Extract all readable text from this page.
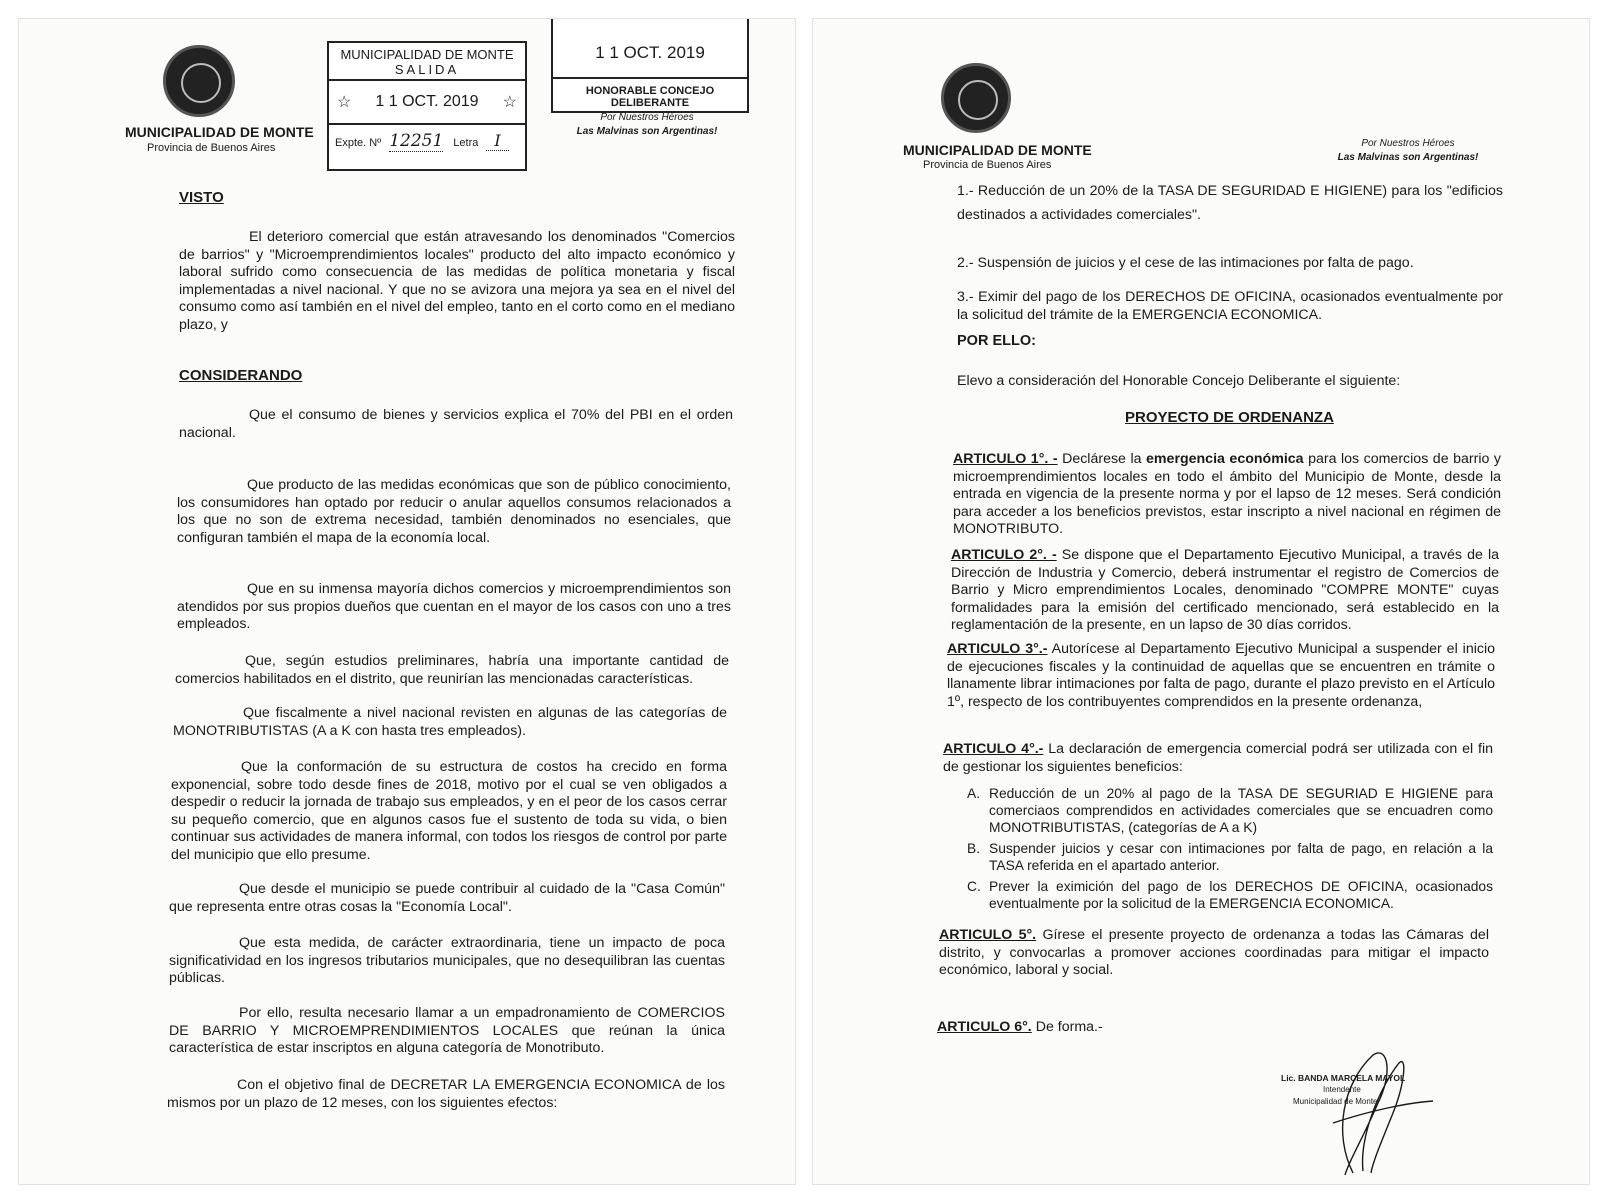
MUNICIPALIDAD DE MONTE
Provincia de Buenos Aires
MUNICIPALIDAD DE MONTE
SALIDA
☆ 1 1 OCT. 2019 ☆
Expte. Nº 12251 Letra	I
1 1 OCT. 2019
HONORABLE CONCEJO DELIBERANTE
Por Nuestros Héroes
Las Malvinas son Argentinas!
VISTO
El deterioro comercial que están atravesando los denominados "Comercios de barrios" y "Microemprendimientos locales" producto del alto impacto económico y laboral sufrido como consecuencia de las medidas de política monetaria y fiscal implementadas a nivel nacional. Y que no se avizora una mejora ya sea en el nivel del consumo como así también en el nivel del empleo, tanto en el corto como en el mediano plazo, y
CONSIDERANDO
Que el consumo de bienes y servicios explica el 70% del PBI en el orden nacional.
Que producto de las medidas económicas que son de público conocimiento, los consumidores han optado por reducir o anular aquellos consumos relacionados a los que no son de extrema necesidad, también denominados no esenciales, que configuran también el mapa de la economía local.
Que en su inmensa mayoría dichos comercios y microemprendimientos son atendidos por sus propios dueños que cuentan en el mayor de los casos con uno a tres empleados.
Que, según estudios preliminares, habría una importante cantidad de comercios habilitados en el distrito, que reunirían las mencionadas características.
Que fiscalmente a nivel nacional revisten en algunas de las categorías de MONOTRIBUTISTAS (A a K con hasta tres empleados).
Que la conformación de su estructura de costos ha crecido en forma exponencial, sobre todo desde fines de 2018, motivo por el cual se ven obligados a despedir o reducir la jornada de trabajo sus empleados, y en el peor de los casos cerrar su pequeño comercio, que en algunos casos fue el sustento de toda su vida, o bien continuar sus actividades de manera informal, con todos los riesgos de control por parte del municipio que ello presume.
Que desde el municipio se puede contribuir al cuidado de la "Casa Común" que representa entre otras cosas la "Economía Local".
Que esta medida, de carácter extraordinaria, tiene un impacto de poca significatividad en los ingresos tributarios municipales, que no desequilibran las cuentas públicas.
Por ello, resulta necesario llamar a un empadronamiento de COMERCIOS DE BARRIO Y MICROEMPRENDIMIENTOS LOCALES que reúnan la única característica de estar inscriptos en alguna categoría de Monotributo.
Con el objetivo final de DECRETAR LA EMERGENCIA ECONOMICA de los mismos por un plazo de 12 meses, con los siguientes efectos:
MUNICIPALIDAD DE MONTE
Provincia de Buenos Aires
Por Nuestros Héroes
Las Malvinas son Argentinas!
1.- Reducción de un 20% de la TASA DE SEGURIDAD E HIGIENE) para los "edificios destinados a actividades comerciales".
2.- Suspensión de juicios y el cese de las intimaciones por falta de pago.
3.- Eximir del pago de los DERECHOS DE OFICINA, ocasionados eventualmente por la solicitud del trámite de la EMERGENCIA ECONOMICA.
POR ELLO:
Elevo a consideración del Honorable Concejo Deliberante el siguiente:
PROYECTO DE ORDENANZA
ARTICULO 1°. - Declárese la emergencia económica para los comercios de barrio y microemprendimientos locales en todo el ámbito del Municipio de Monte, desde la entrada en vigencia de la presente norma y por el lapso de 12 meses. Será condición para acceder a los beneficios previstos, estar inscripto a nivel nacional en régimen de MONOTRIBUTO.
ARTICULO 2°. - Se dispone que el Departamento Ejecutivo Municipal, a través de la Dirección de Industria y Comercio, deberá instrumentar el registro de Comercios de Barrio y Micro emprendimientos Locales, denominado "COMPRE MONTE" cuyas formalidades para la emisión del certificado mencionado, será establecido en la reglamentación de la presente, en un lapso de 30 días corridos.
ARTICULO 3°.- Autorícese al Departamento Ejecutivo Municipal a suspender el inicio de ejecuciones fiscales y la continuidad de aquellas que se encuentren en trámite o llanamente librar intimaciones por falta de pago, durante el plazo previsto en el Artículo 1º, respecto de los contribuyentes comprendidos en la presente ordenanza,
ARTICULO 4°.- La declaración de emergencia comercial podrá ser utilizada con el fin de gestionar los siguientes beneficios:
A. Reducción de un 20% al pago de la TASA DE SEGURIAD E HIGIENE para comerciaos comprendidos en actividades comerciales que se encuadren como MONOTRIBUTISTAS, (categorías de A a K)
B. Suspender juicios y cesar con intimaciones por falta de pago, en relación a la TASA referida en el apartado anterior.
C. Prever la eximición del pago de los DERECHOS DE OFICINA, ocasionados eventualmente por la solicitud de la EMERGENCIA ECONOMICA.
ARTICULO 5°. Gírese el presente proyecto de ordenanza a todas las Cámaras del distrito, y convocarlas a promover acciones coordinadas para mitigar el impacto económico, laboral y social.
ARTICULO 6°. De forma.-
Lic. BANDA MARCELA MAYOL
Intendente
Municipalidad de Monte
